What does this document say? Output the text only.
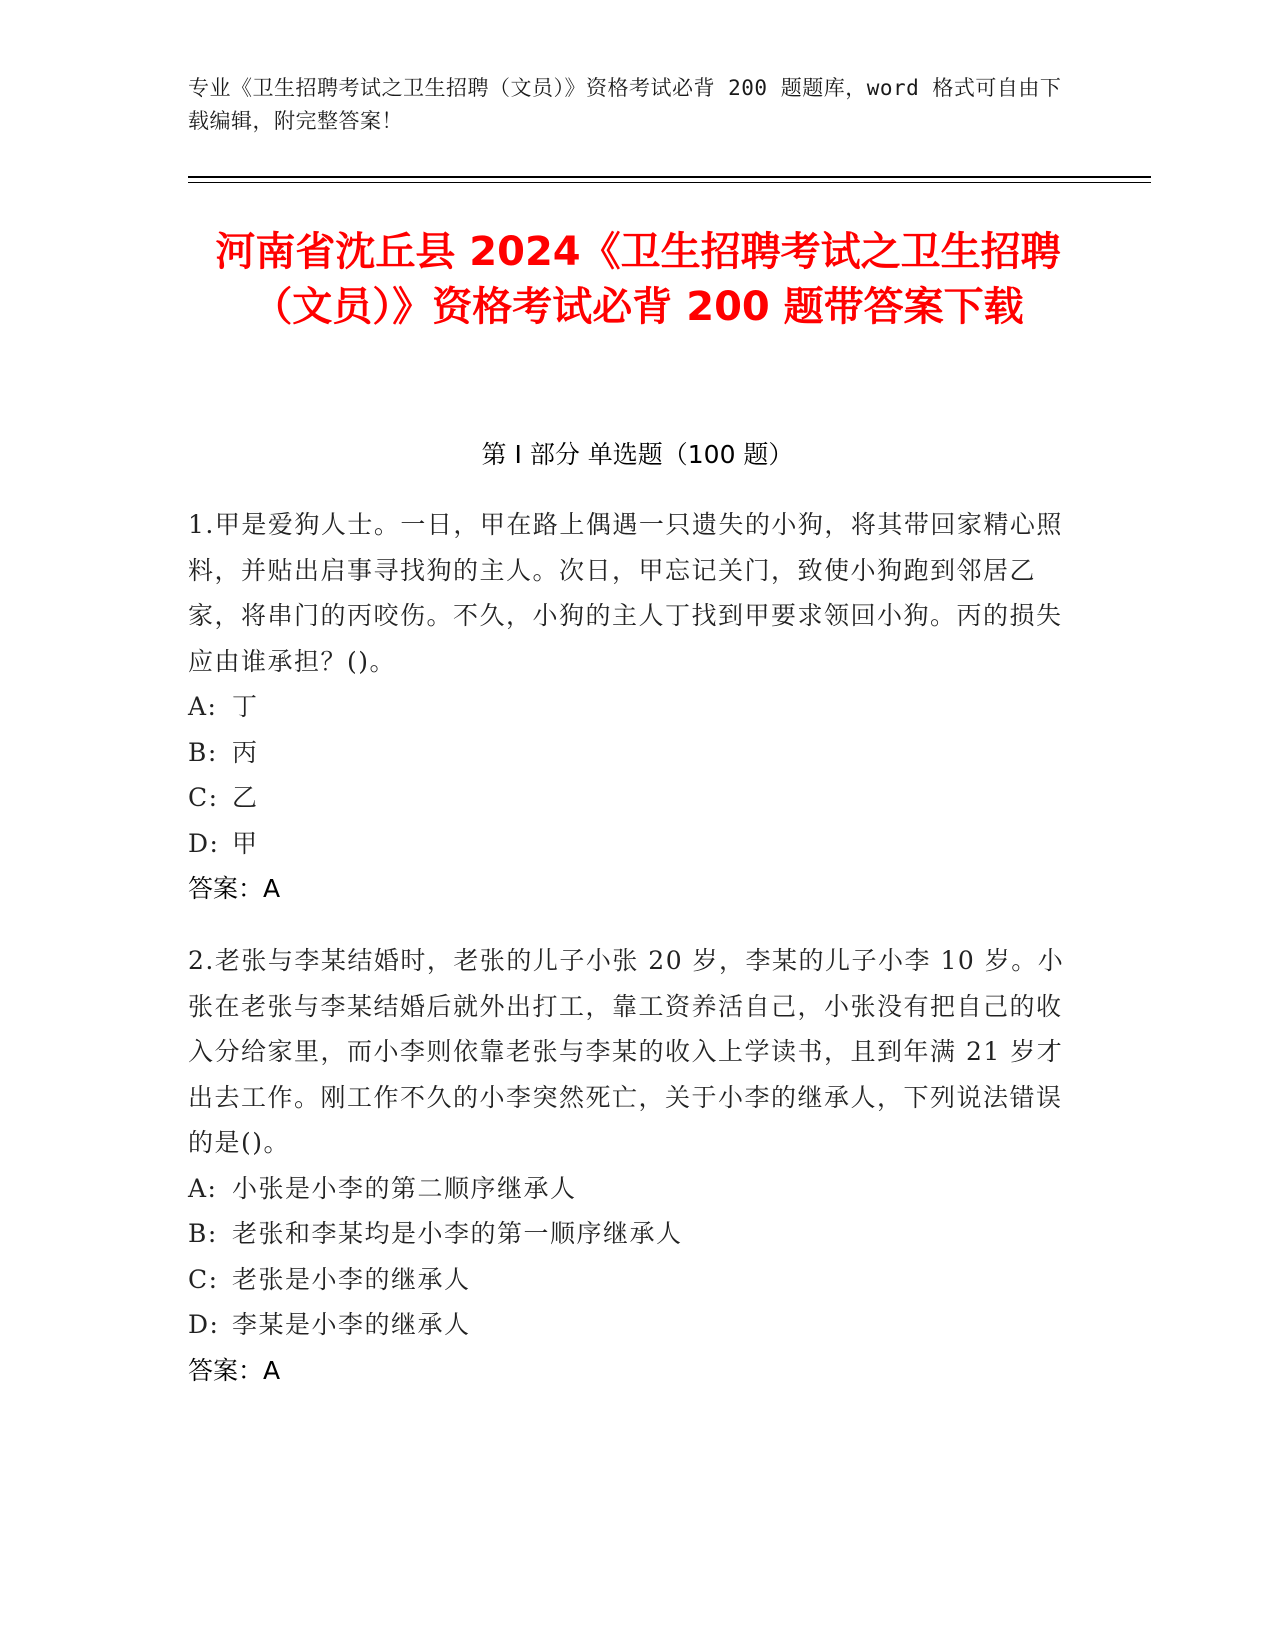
专业《卫生招聘考试之卫生招聘（文员）》资格考试必背 200 题题库，word 格式可自由下载编辑，附完整答案！
河南省沈丘县 2024《卫生招聘考试之卫生招聘（文员）》资格考试必背 200 题带答案下载
第 I 部分 单选题（100 题）

1.甲是爱狗人士。一日，甲在路上偶遇一只遗失的小狗，将其带回家精心照料，并贴出启事寻找狗的主人。次日，甲忘记关门，致使小狗跑到邻居乙家，将串门的丙咬伤。不久，小狗的主人丁找到甲要求领回小狗。丙的损失应由谁承担？()。

A: 丁
B: 丙
C: 乙
D: 甲
答案：A

2.老张与李某结婚时，老张的儿子小张 20 岁，李某的儿子小李 10 岁。小张在老张与李某结婚后就外出打工，靠工资养活自己，小张没有把自己的收入分给家里，而小李则依靠老张与李某的收入上学读书，且到年满 21 岁才出去工作。刚工作不久的小李突然死亡，关于小李的继承人，下列说法错误的是()。

A: 小张是小李的第二顺序继承人
B: 老张和李某均是小李的第一顺序继承人
C: 老张是小李的继承人
D: 李某是小李的继承人
答案：A
